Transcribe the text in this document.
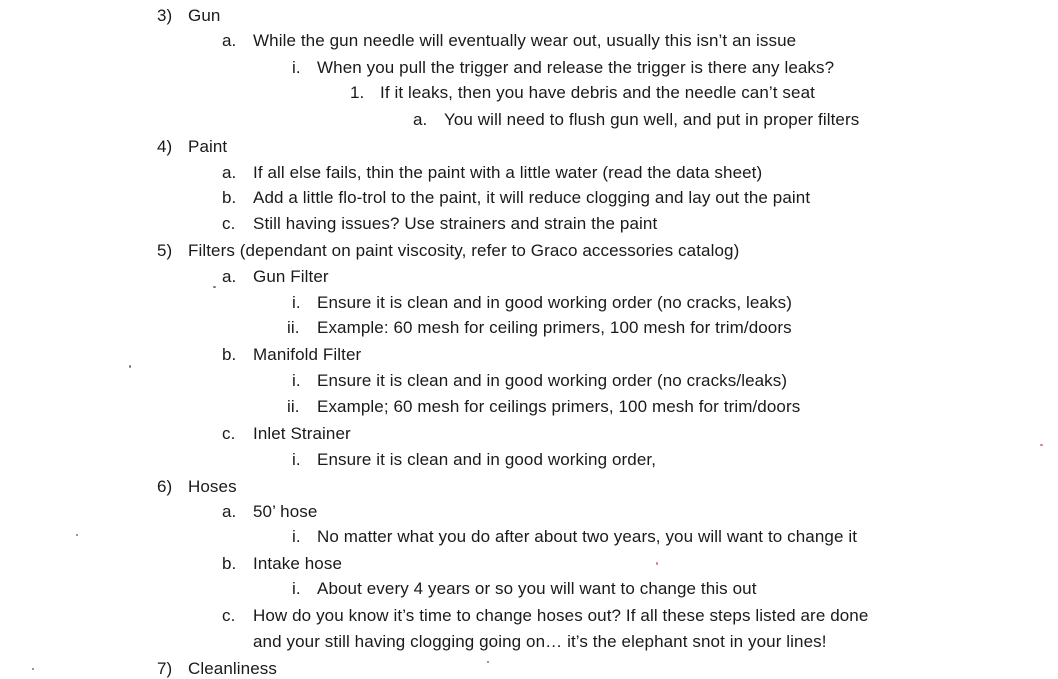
3) Gun
a. While the gun needle will eventually wear out, usually this isn’t an issue
i. When you pull the trigger and release the trigger is there any leaks?
1. If it leaks, then you have debris and the needle can’t seat
a. You will need to flush gun well, and put in proper filters
4) Paint
a. If all else fails, thin the paint with a little water (read the data sheet)
b. Add a little flo-trol to the paint, it will reduce clogging and lay out the paint
c. Still having issues? Use strainers and strain the paint
5) Filters (dependant on paint viscosity, refer to Graco accessories catalog)
a. Gun Filter
i. Ensure it is clean and in good working order (no cracks, leaks)
ii. Example: 60 mesh for ceiling primers, 100 mesh for trim/doors
b. Manifold Filter
i. Ensure it is clean and in good working order (no cracks/leaks)
ii. Example; 60 mesh for ceilings primers, 100 mesh for trim/doors
c. Inlet Strainer
i. Ensure it is clean and in good working order,
6) Hoses
a. 50’ hose
i. No matter what you do after about two years, you will want to change it
b. Intake hose
i. About every 4 years or so you will want to change this out
c. How do you know it’s time to change hoses out? If all these steps listed are done
and your still having clogging going on… it’s the elephant snot in your lines!
7) Cleanliness
